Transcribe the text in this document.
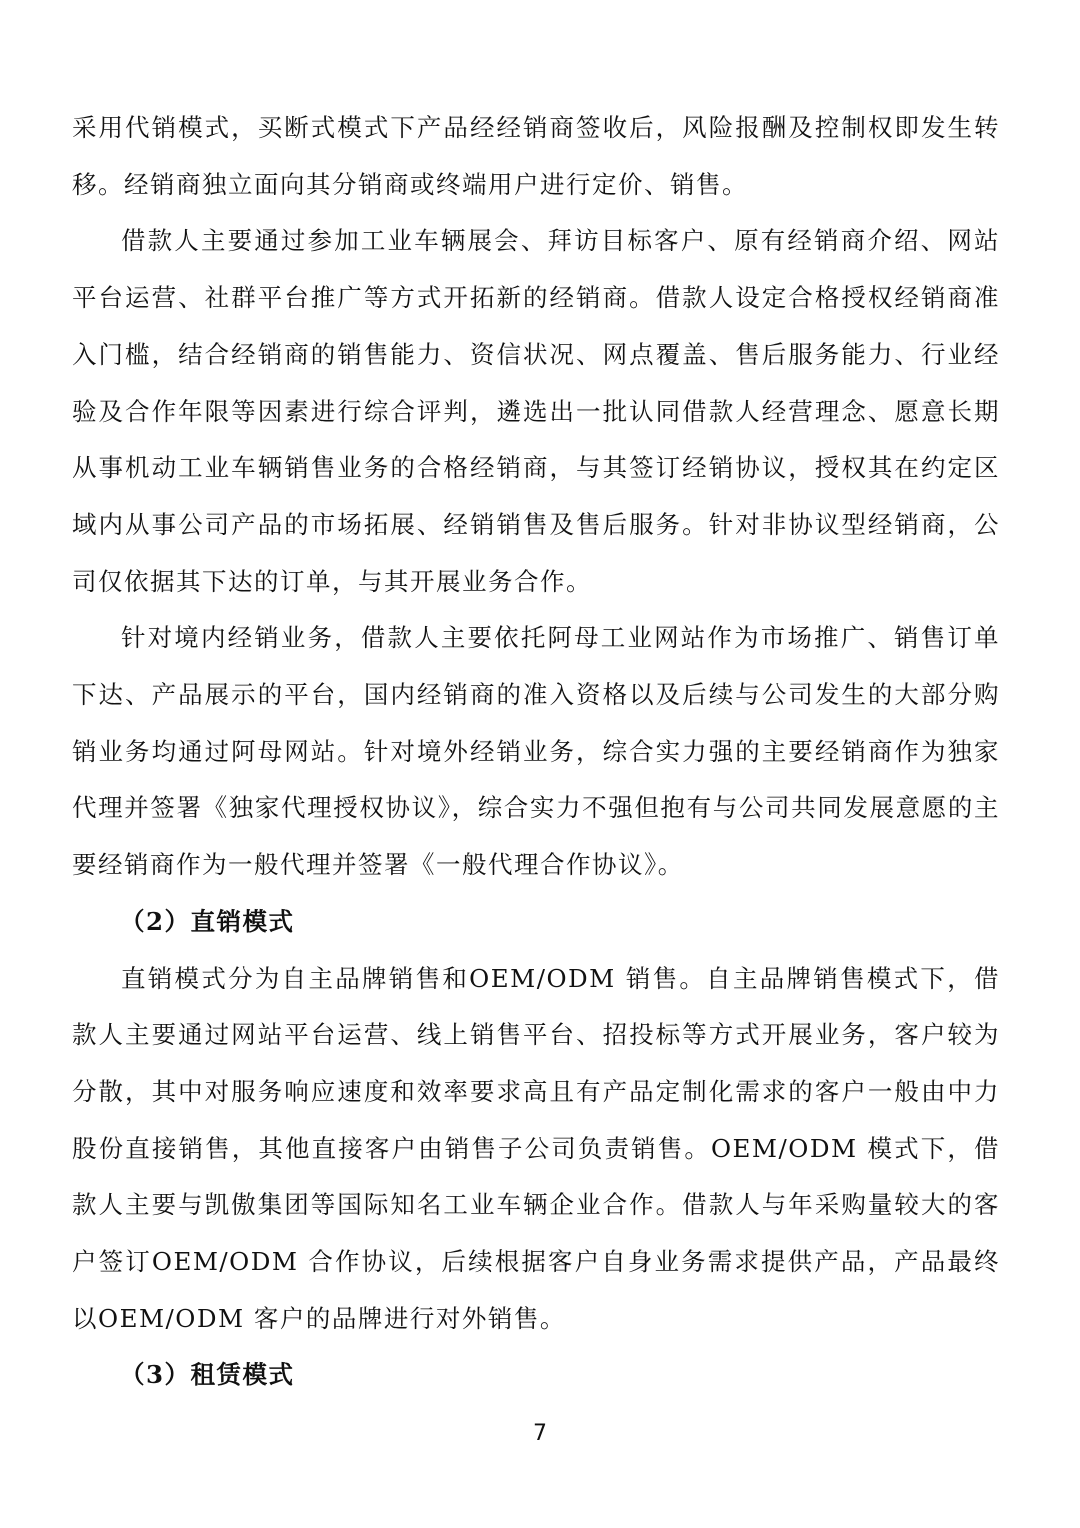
采用代销模式，买断式模式下产品经经销商签收后，风险报酬及控制权即发生转移。经销商独立面向其分销商或终端用户进行定价、销售。

借款人主要通过参加工业车辆展会、拜访目标客户、原有经销商介绍、网站平台运营、社群平台推广等方式开拓新的经销商。借款人设定合格授权经销商准入门槛，结合经销商的销售能力、资信状况、网点覆盖、售后服务能力、行业经验及合作年限等因素进行综合评判，遴选出一批认同借款人经营理念、愿意长期从事机动工业车辆销售业务的合格经销商，与其签订经销协议，授权其在约定区域内从事公司产品的市场拓展、经销销售及售后服务。针对非协议型经销商，公司仅依据其下达的订单，与其开展业务合作。

针对境内经销业务，借款人主要依托阿母工业网站作为市场推广、销售订单下达、产品展示的平台，国内经销商的准入资格以及后续与公司发生的大部分购销业务均通过阿母网站。针对境外经销业务，综合实力强的主要经销商作为独家代理并签署《独家代理授权协议》，综合实力不强但抱有与公司共同发展意愿的主要经销商作为一般代理并签署《一般代理合作协议》。

（2）直销模式

直销模式分为自主品牌销售和OEM/ODM 销售。自主品牌销售模式下，借款人主要通过网站平台运营、线上销售平台、招投标等方式开展业务，客户较为分散，其中对服务响应速度和效率要求高且有产品定制化需求的客户一般由中力股份直接销售，其他直接客户由销售子公司负责销售。OEM/ODM 模式下，借款人主要与凯傲集团等国际知名工业车辆企业合作。借款人与年采购量较大的客户签订OEM/ODM 合作协议，后续根据客户自身业务需求提供产品，产品最终以OEM/ODM 客户的品牌进行对外销售。

（3）租赁模式

7
